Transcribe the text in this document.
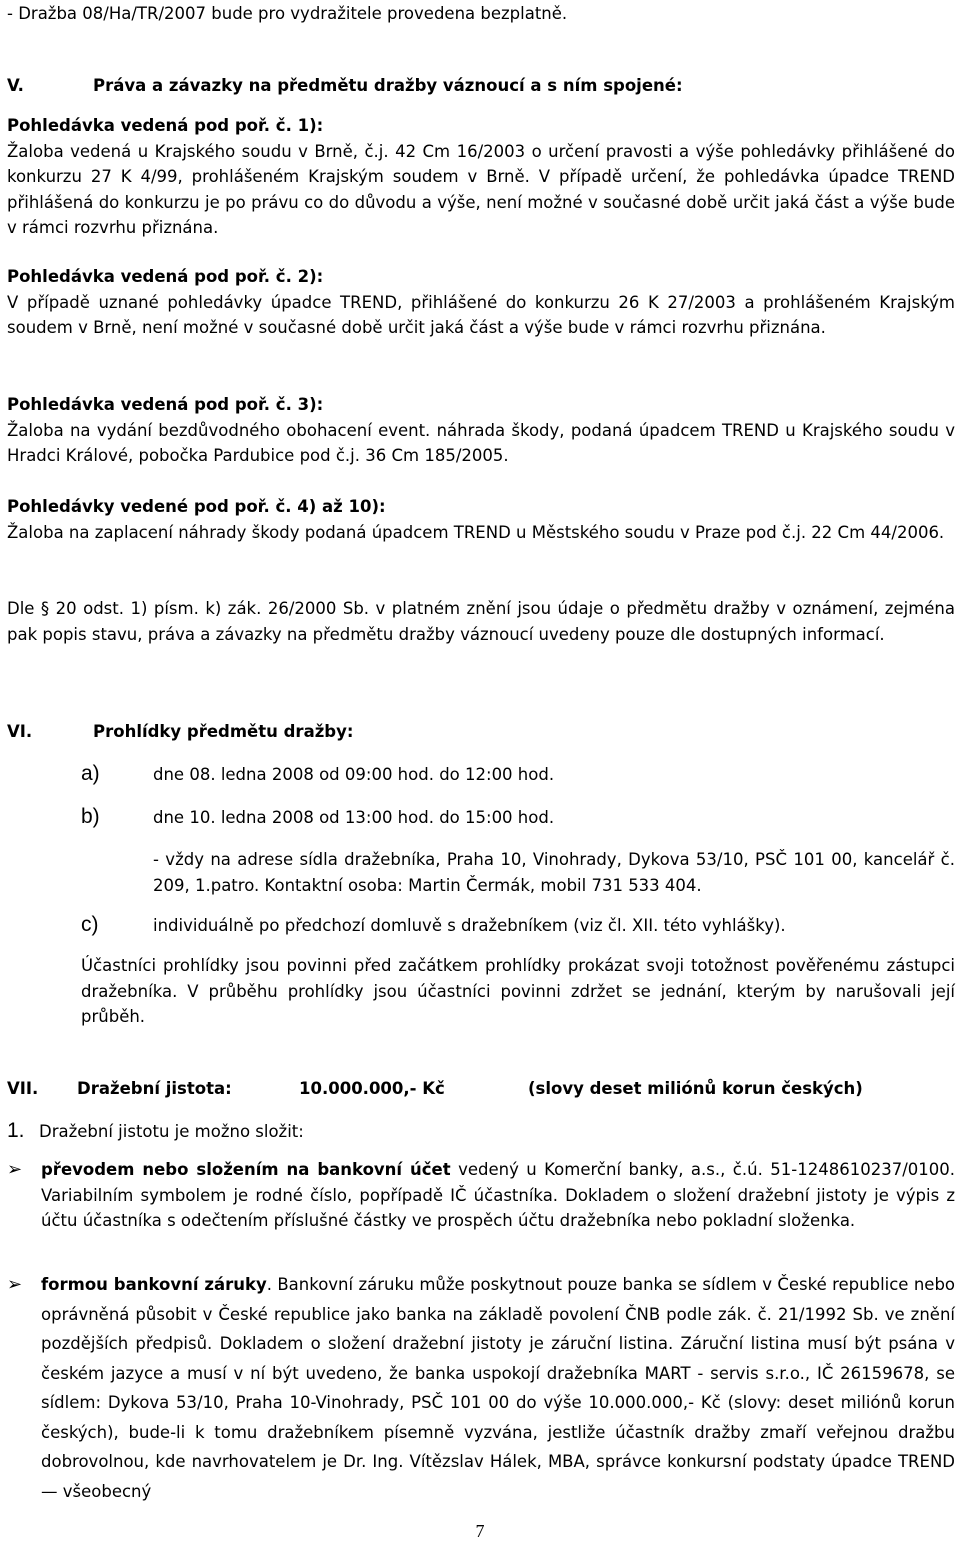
- Dražba 08/Ha/TR/2007 bude pro vydražitele provedena bezplatně.

V.	Práva a závazky na předmětu dražby váznoucí a s ním spojené:

Pohledávka vedená pod poř. č. 1):

Žaloba vedená u Krajského soudu v Brně, č.j. 42 Cm 16/2003 o určení pravosti a výše pohledávky přihlášené do konkurzu 27 K 4/99, prohlášeném Krajským soudem v Brně. V případě určení, že pohledávka úpadce TREND přihlášená do konkurzu je po právu co do důvodu a výše, není možné v současné době určit jaká část a výše bude v rámci rozvrhu přiznána.

Pohledávka vedená pod poř. č. 2):

V případě uznané pohledávky úpadce TREND, přihlášené do konkurzu 26 K 27/2003 a prohlášeném Krajským soudem v Brně, není možné v současné době určit jaká část a výše bude v rámci rozvrhu přiznána.

Pohledávka vedená pod poř. č. 3):

Žaloba na vydání bezdůvodného obohacení event. náhrada škody, podaná úpadcem TREND u Krajského soudu v Hradci Králové, pobočka Pardubice pod č.j. 36 Cm 185/2005.

Pohledávky vedené pod poř. č. 4) až 10):

Žaloba na zaplacení náhrady škody podaná úpadcem TREND u Městského soudu v Praze pod č.j. 22 Cm 44/2006.

Dle § 20 odst. 1) písm. k) zák. 26/2000 Sb. v platném znění jsou údaje o předmětu dražby v oznámení, zejména pak popis stavu, práva a závazky na předmětu dražby váznoucí uvedeny pouze dle dostupných informací.

VI.	Prohlídky předmětu dražby:

a)	dne 08. ledna 2008 od 09:00 hod. do 12:00 hod.

b)	dne 10. ledna 2008 od 13:00 hod. do 15:00 hod.

- vždy na adrese sídla dražebníka, Praha 10, Vinohrady, Dykova 53/10, PSČ 101 00, kancelář č. 209, 1.patro. Kontaktní osoba: Martin Čermák, mobil 731 533 404.

c)	individuálně po předchozí domluvě s dražebníkem (viz čl. XII. této vyhlášky).

Účastníci prohlídky jsou povinni před začátkem prohlídky prokázat svoji totožnost pověřenému zástupci dražebníka. V průběhu prohlídky jsou účastníci povinni zdržet se jednání, kterým by narušovali její průběh.

VII. Dražební jistota:	10.000.000,- Kč	(slovy deset miliónů korun českých)

1. Dražební jistotu je možno složit:

➢	převodem nebo složením na bankovní účet vedený u Komerční banky, a.s., č.ú. 51-1248610237/0100. Variabilním symbolem je rodné číslo, popřípadě IČ účastníka. Dokladem o složení dražební jistoty je výpis z účtu účastníka s odečtením příslušné částky ve prospěch účtu dražebníka nebo pokladní složenka.

➢	formou bankovní záruky. Bankovní záruku může poskytnout pouze banka se sídlem v České republice nebo oprávněná působit v České republice jako banka na základě povolení ČNB podle zák. č. 21/1992 Sb. ve znění pozdějších předpisů. Dokladem o složení dražební jistoty je záruční listina. Záruční listina musí být psána v českém jazyce a musí v ní být uvedeno, že banka uspokojí dražebníka MART - servis s.r.o., IČ 26159678, se sídlem: Dykova 53/10, Praha 10-Vinohrady, PSČ 101 00 do výše 10.000.000,- Kč (slovy: deset miliónů korun českých), bude-li k tomu dražebníkem písemně vyzvána, jestliže účastník dražby zmaří veřejnou dražbu dobrovolnou, kde navrhovatelem je Dr. Ing. Vítězslav Hálek, MBA, správce konkursní podstaty úpadce TREND — všeobecný

7
